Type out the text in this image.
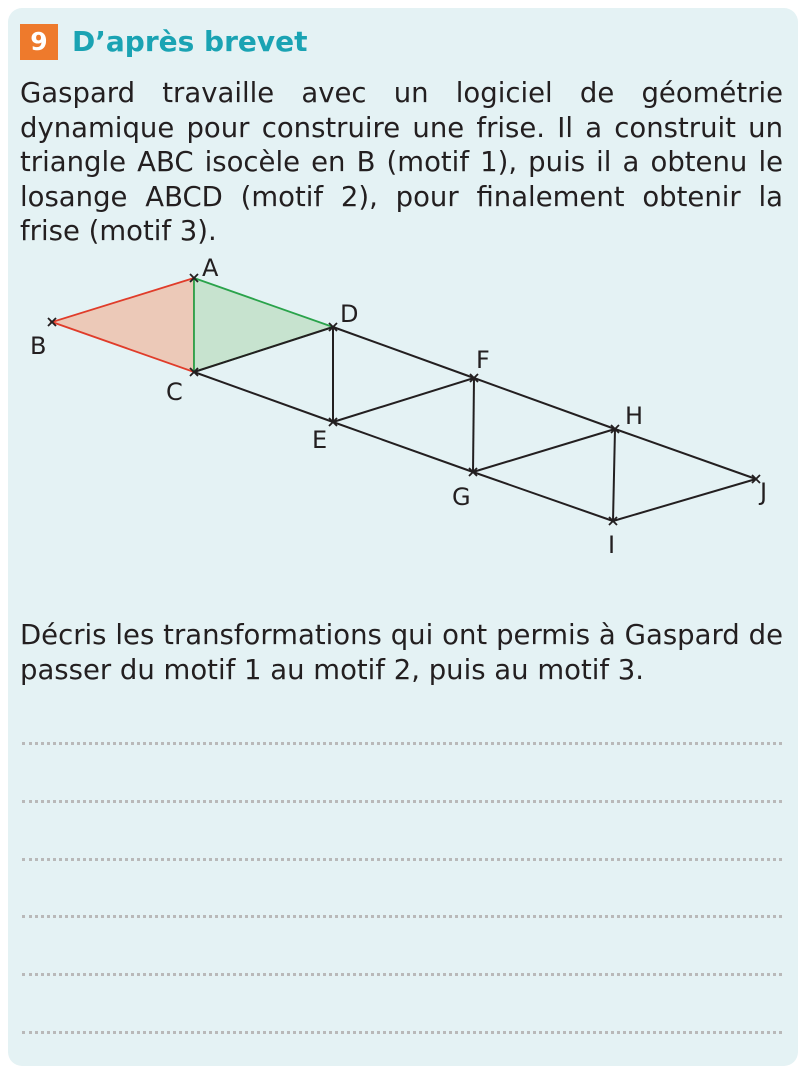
9 D’après brevet

Gaspard travaille avec un logiciel de géométrie dynamique pour construire une frise. Il a construit un triangle ABC isocèle en B (motif 1), puis il a obtenu le losange ABCD (motif 2), pour finalement obtenir la frise (motif 3).

A
B
C
D
E
F
G
H
I
J

Décris les transformations qui ont permis à Gaspard de passer du motif 1 au motif 2, puis au motif 3.
